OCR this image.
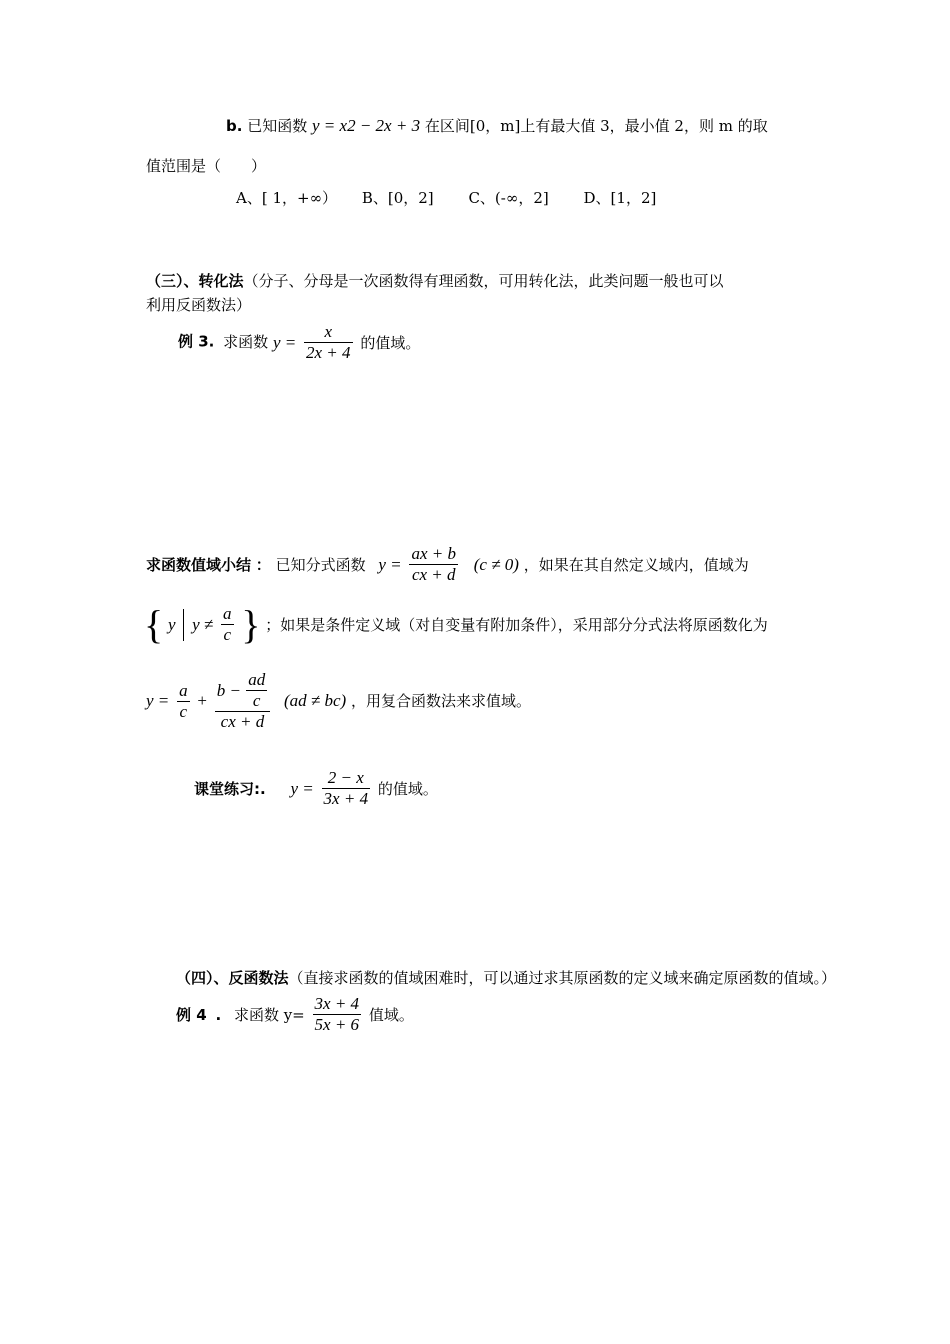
b. 已知函数 y = x2 − 2x + 3 在区间[0，m]上有最大值 3，最小值 2，则 m 的取
值范围是（　　）
A、[ 1，+∞） B、[0，2] C、(-∞，2] D、[1，2]
（三）、转化法（分子、分母是一次函数得有理函数，可用转化法，此类问题一般也可以
利用反函数法）
例 3. 求函数 $y = \frac{x}{2x + 4}$ 的值域。
求函数值域小结 ： 已知分式函数 $y = \frac{ax + b}{cx + d} (c \ne 0)$ ，如果在其自然定义域内，值域为
{ y $y \ne \frac{a}{c}$ } ；如果是条件定义域（对自变量有附加条件），采用部分分式法将原函数化为
$y = \frac{a}{c} + \frac{b - \frac{ad}{c}}{cx + d} (ad \ne bc)$ ，用复合函数法来求值域。
课堂练习:. $y = \frac{2 - x}{3x + 4}$ 的值域。
（四）、反函数法（直接求函数的值域困难时，可以通过求其原函数的定义域来确定原函数的值域。）
例 4 . 求函数 $y= \frac{3x + 4}{5x + 6}$ 值域。
